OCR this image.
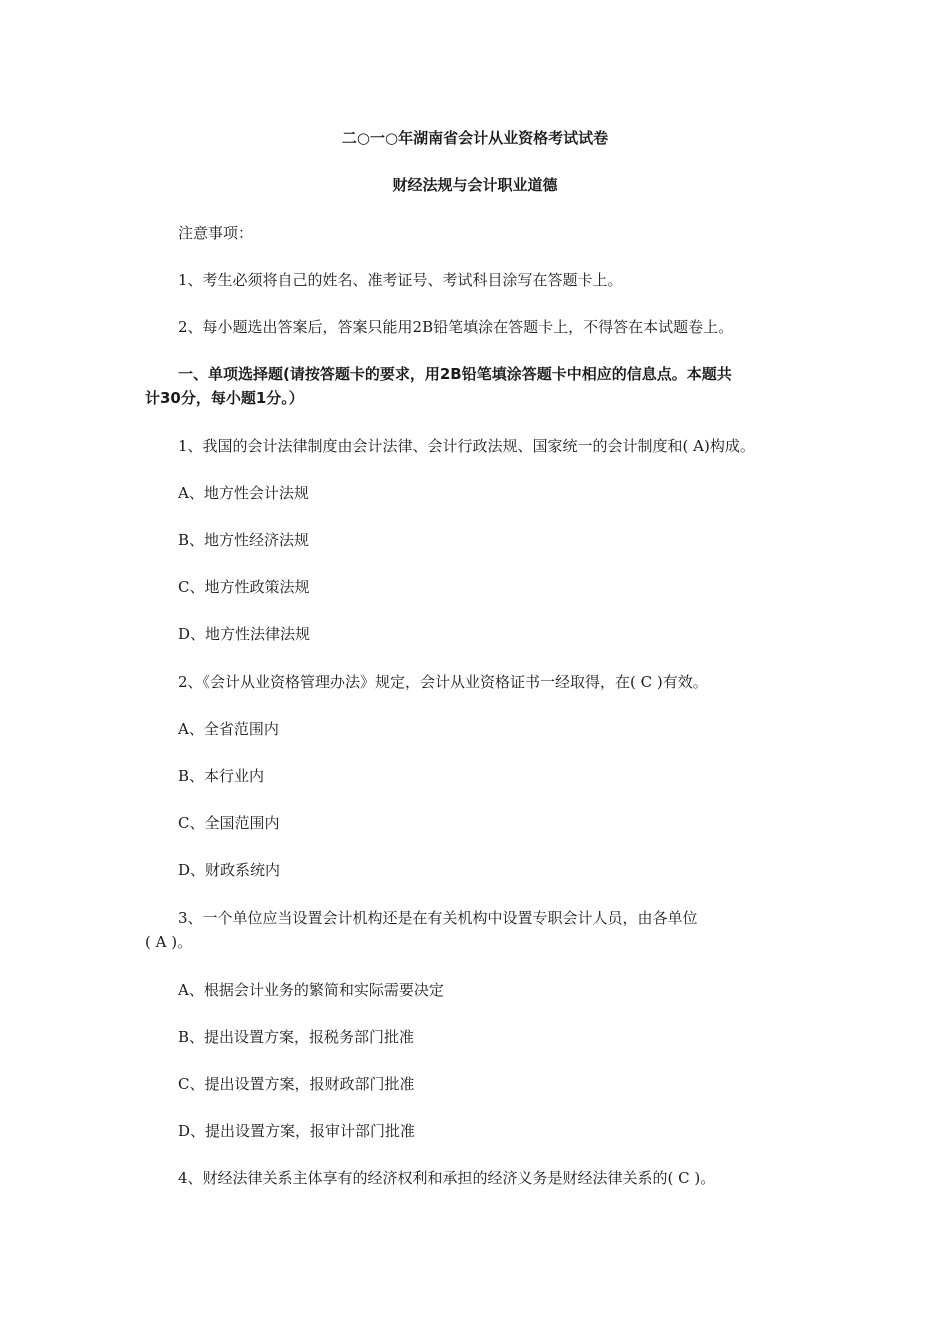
二○一○年湖南省会计从业资格考试试卷
财经法规与会计职业道德
注意事项：
1、考生必须将自己的姓名、准考证号、考试科目涂写在答题卡上。
2、每小题选出答案后，答案只能用2B铅笔填涂在答题卡上，不得答在本试题卷上。
一、单项选择题(请按答题卡的要求，用2B铅笔填涂答题卡中相应的信息点。本题共
计30分，每小题1分。）
1、我国的会计法律制度由会计法律、会计行政法规、国家统一的会计制度和( A)构成。
A、地方性会计法规
B、地方性经济法规
C、地方性政策法规
D、地方性法律法规
2、《会计从业资格管理办法》规定，会计从业资格证书一经取得，在( C )有效。
A、全省范围内
B、本行业内
C、全国范围内
D、财政系统内
3、一个单位应当设置会计机构还是在有关机构中设置专职会计人员，由各单位
( A )。
A、根据会计业务的繁简和实际需要决定
B、提出设置方案，报税务部门批准
C、提出设置方案，报财政部门批准
D、提出设置方案，报审计部门批准
4、财经法律关系主体享有的经济权利和承担的经济义务是财经法律关系的( C )。
